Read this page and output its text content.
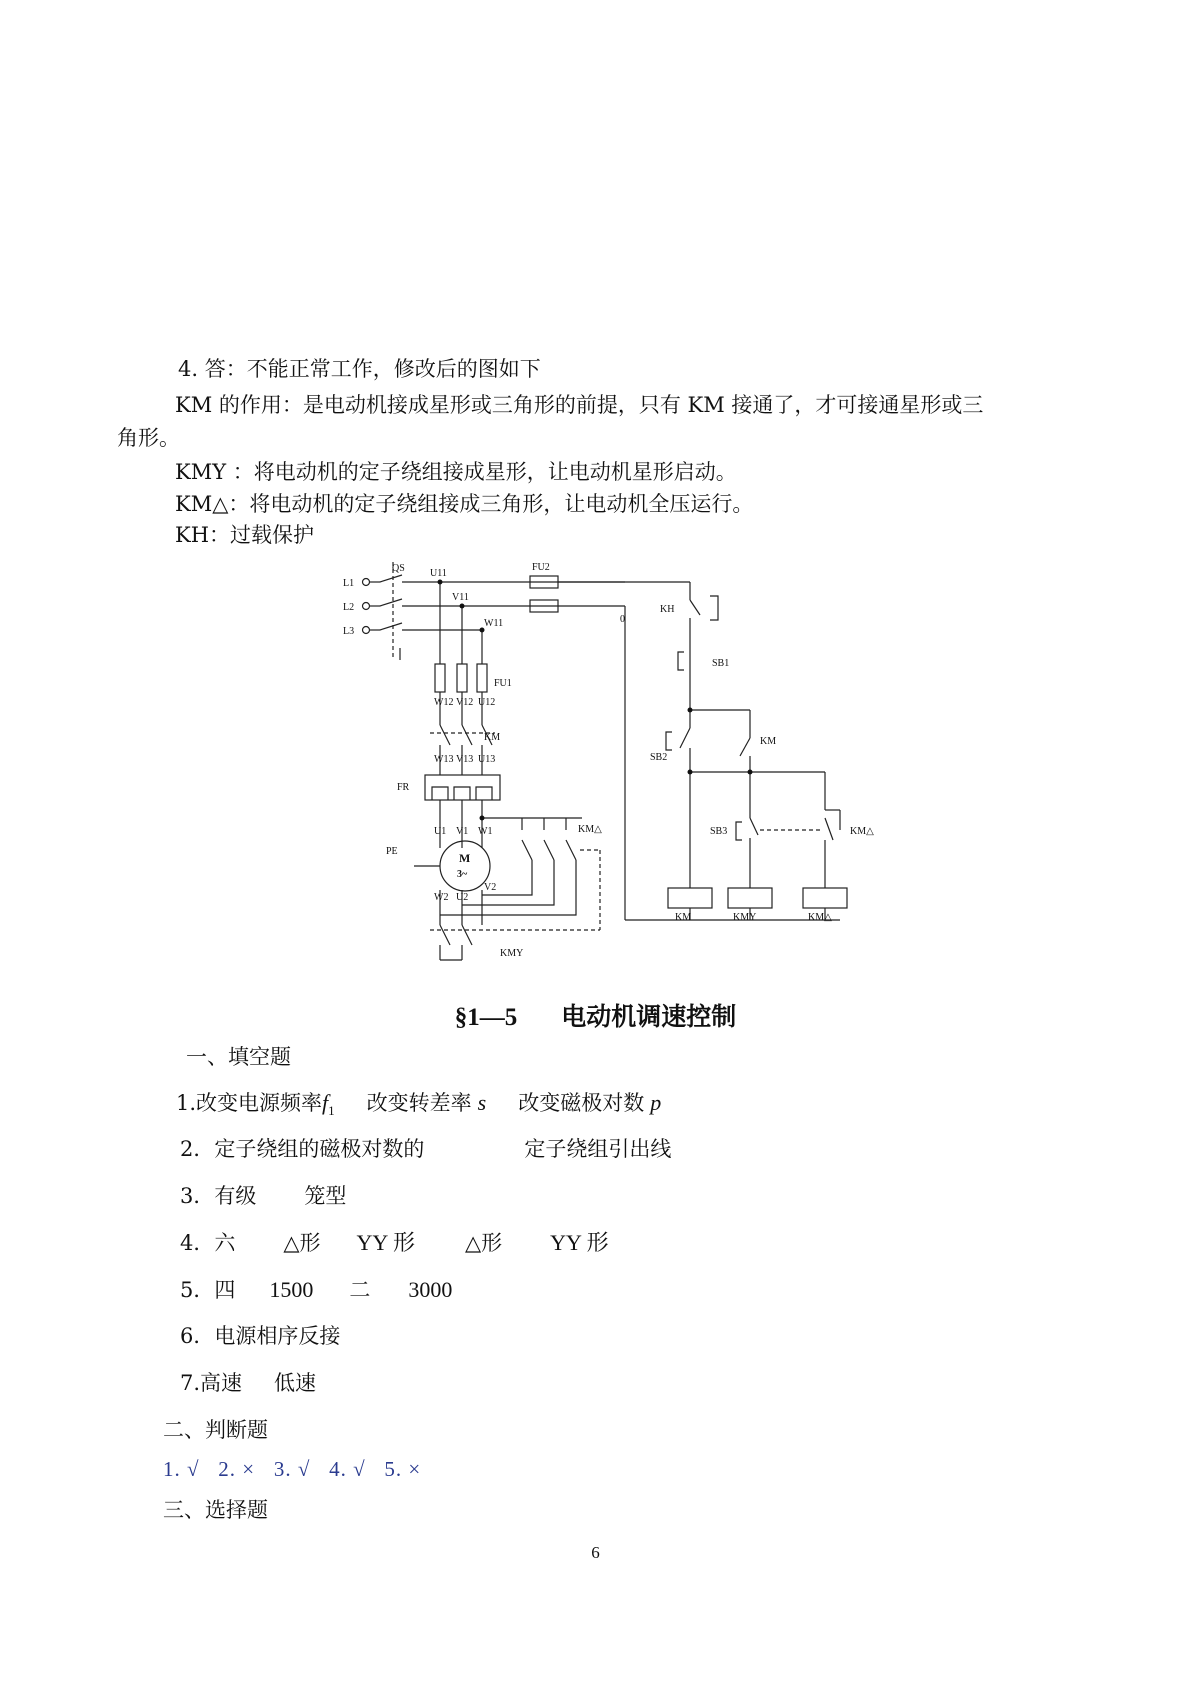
4. 答：不能正常工作，修改后的图如下
KM 的作用：是电动机接成星形或三角形的前提，只有 KM 接通了，才可接通星形或三
角形。
KMY ：将电动机的定子绕组接成星形，让电动机星形启动。
KM△：将电动机的定子绕组接成三角形，让电动机全压运行。
KH：过载保护
L1
L2
L3
QS	U11
V11
W11
FU2
0
FU1
W12 V12 U12
KM
W13 V13 U13
FR
U1 V1 W1	KM△
PE	M
3~
W2 U2
V2
KMY
KH
SB1
SB2
KM
SB3	KM△
KM	KMY	KM△
§1—5 电动机调速控制
一、填空题
1.改变电源频率$f_1$ 改变转差率 s 改变磁极对数 p
2．定子绕组的磁极对数的	定子绕组引出线
3．有级 笼型
4．六 △形 YY 形 △形 YY 形
5．四 1500 二 3000
6．电源相序反接
7.高速 低速
二、判断题
1. √   2. ×   3. √   4. √   5. ×
三、选择题
6
